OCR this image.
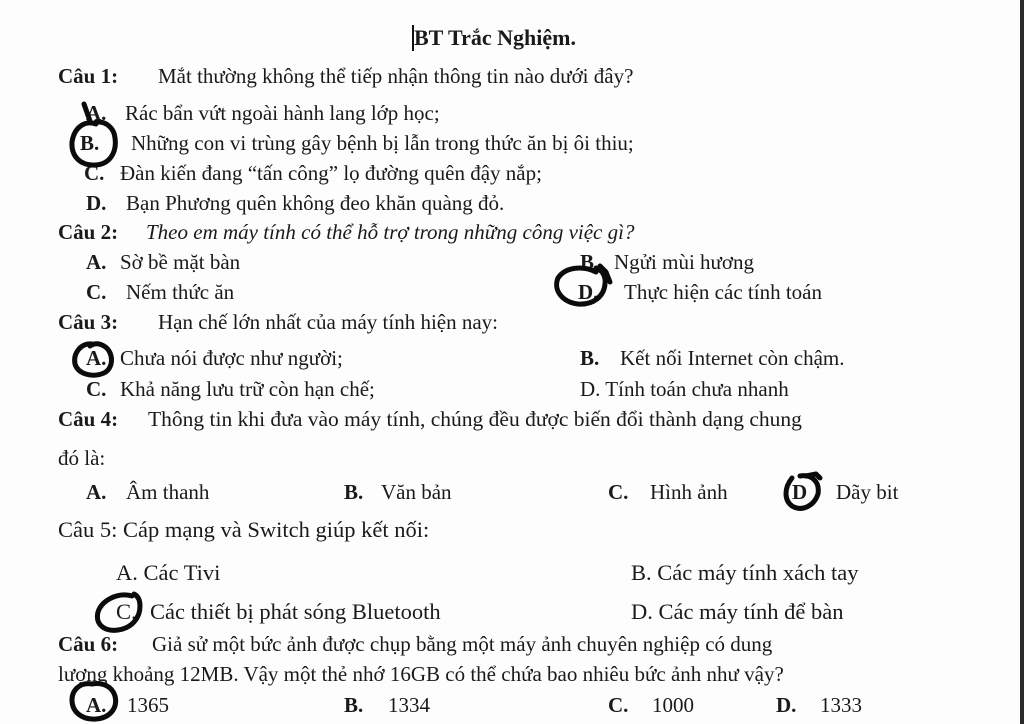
BT Trắc Nghiệm.
Câu 1: Mắt thường không thể tiếp nhận thông tin nào dưới đây?
A. Rác bẩn vứt ngoài hành lang lớp học;
B. Những con vi trùng gây bệnh bị lẫn trong thức ăn bị ôi thiu;
C. Đàn kiến đang “tấn công” lọ đường quên đậy nắp;
D. Bạn Phương quên không đeo khăn quàng đỏ.
Câu 2: Theo em máy tính có thể hỗ trợ trong những công việc gì?
A. Sờ bề mặt bàn	B. Ngửi mùi hương
C. Nếm thức ăn	D. Thực hiện các tính toán
Câu 3: Hạn chế lớn nhất của máy tính hiện nay:
A. Chưa nói được như người;	B. Kết nối Internet còn chậm.
C. Khả năng lưu trữ còn hạn chế;	D. Tính toán chưa nhanh
Câu 4: Thông tin khi đưa vào máy tính, chúng đều được biến đổi thành dạng chung
đó là:
A. Âm thanh	B. Văn bản	C. Hình ảnh	D Dãy bit
Câu 5: Cáp mạng và Switch giúp kết nối:
A. Các Tivi	B. Các máy tính xách tay
C. Các thiết bị phát sóng Bluetooth	D. Các máy tính để bàn
Câu 6: Giả sử một bức ảnh được chụp bằng một máy ảnh chuyên nghiệp có dung
lượng khoảng 12MB. Vậy một thẻ nhớ 16GB có thể chứa bao nhiêu bức ảnh như vậy?
A. 1365	B. 1334	C. 1000	D. 1333
